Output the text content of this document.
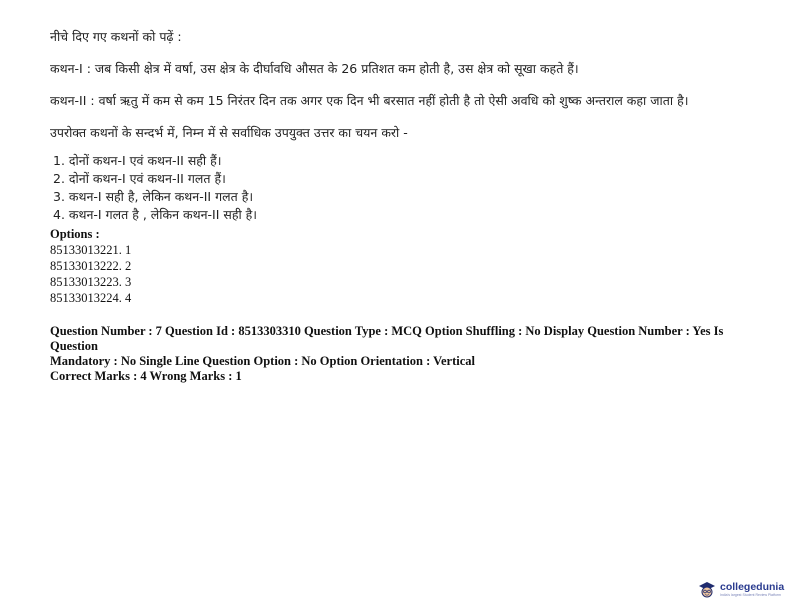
नीचे दिए गए कथनों को पढ़ें :

कथन-I : जब किसी क्षेत्र में वर्षा, उस क्षेत्र के दीर्घावधि औसत के 26 प्रतिशत कम होती है, उस क्षेत्र को सूखा कहते हैं।

कथन-II : वर्षा ऋतु में कम से कम 15 निरंतर दिन तक अगर एक दिन भी बरसात नहीं होती है तो ऐसी अवधि को शुष्क अन्तराल कहा जाता है।

उपरोक्त कथनों के सन्दर्भ में, निम्न में से सर्वाधिक उपयुक्त उत्तर का चयन करो -

1. दोनों कथन-I एवं कथन-II सही हैं।
2. दोनों कथन-I एवं कथन-II गलत हैं।
3. कथन-I सही है, लेकिन कथन-II गलत है।
4. कथन-I गलत है , लेकिन कथन-II सही है।
Options :
85133013221. 1
85133013222. 2
85133013223. 3
85133013224. 4
Question Number : 7 Question Id : 8513303310 Question Type : MCQ Option Shuffling : No Display Question Number : Yes Is Question
Mandatory : No Single Line Question Option : No Option Orientation : Vertical
Correct Marks : 4 Wrong Marks : 1
collegedunia
India's largest Student Review Platform
